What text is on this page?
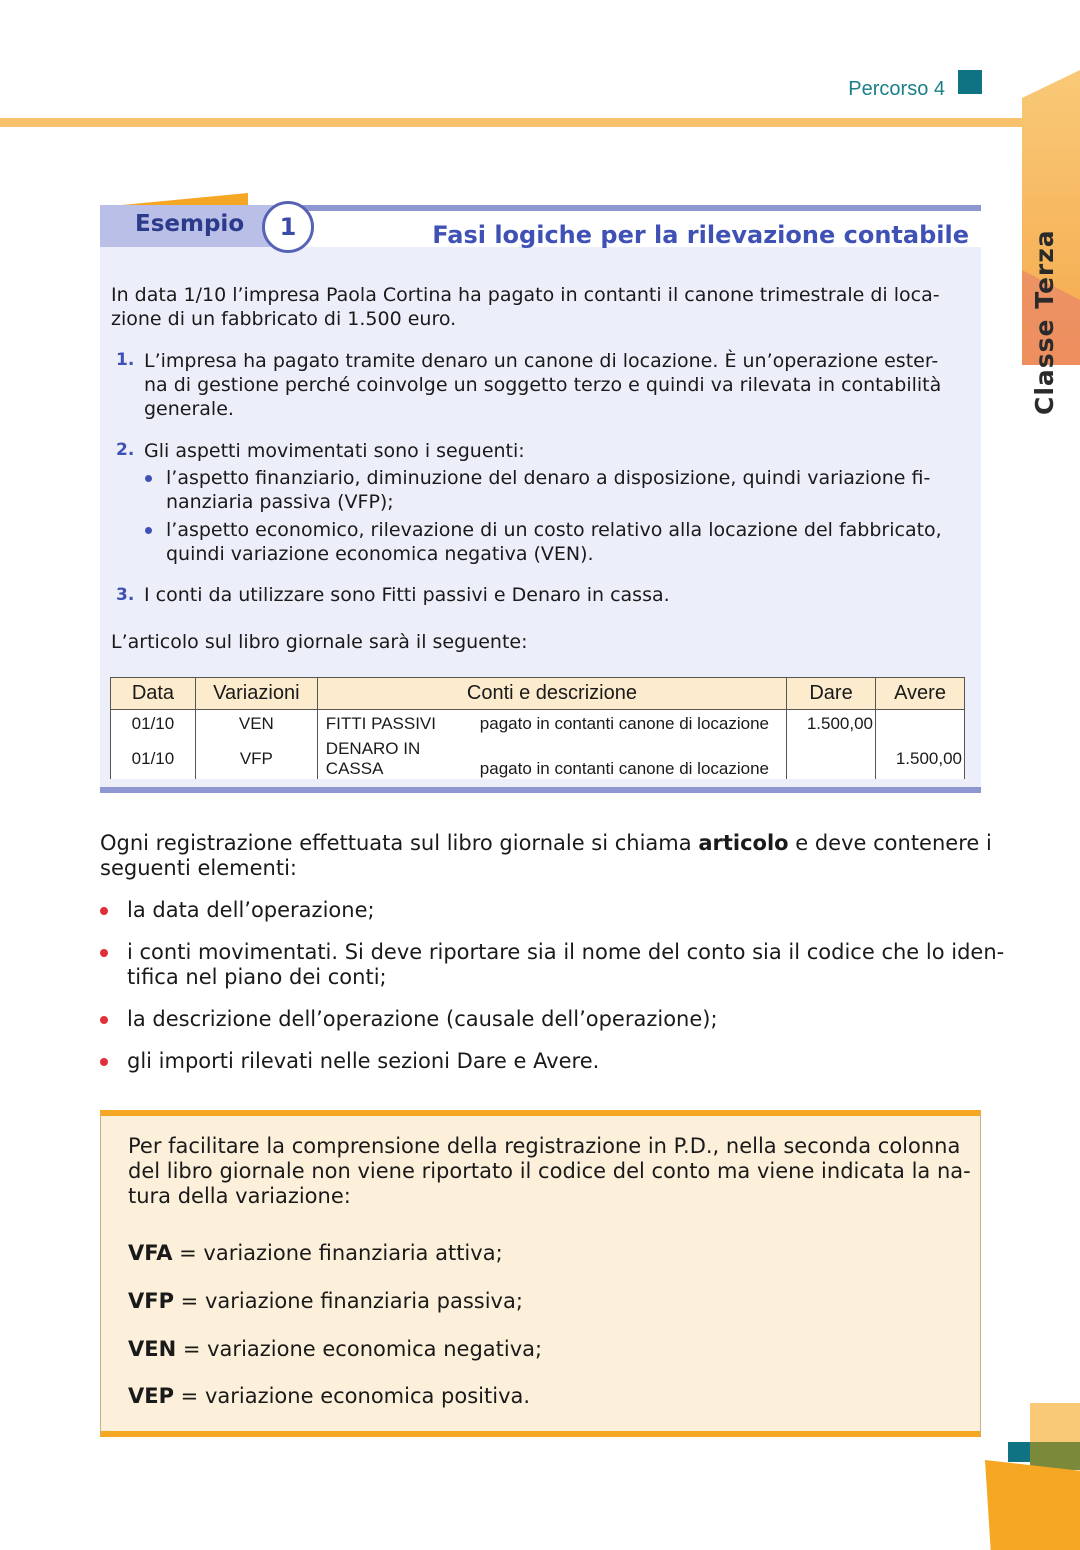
Percorso 4
Classe Terza
Esempio	1	Fasi logiche per la rilevazione contabile
In data 1/10 l’impresa Paola Cortina ha pagato in contanti il canone trimestrale di loca-
zione di un fabbricato di 1.500 euro.
1. L’impresa ha pagato tramite denaro un canone di locazione. È un’operazione ester-
na di gestione perché coinvolge un soggetto terzo e quindi va rilevata in contabilità
generale.
2. Gli aspetti movimentati sono i seguenti:
l’aspetto finanziario, diminuzione del denaro a disposizione, quindi variazione fi-
nanziaria passiva (VFP);
l’aspetto economico, rilevazione di un costo relativo alla locazione del fabbricato,
quindi variazione economica negativa (VEN).
3. I conti da utilizzare sono Fitti passivi e Denaro in cassa.
L’articolo sul libro giornale sarà il seguente:
Data	Variazioni	Conti e descrizione	Dare	Avere
01/10	VEN	FITTI PASSIVI pagato in contanti canone di locazione	1.500,00	
01/10	VFP	DENARO IN CASSA pagato in contanti canone di locazione		1.500,00
Ogni registrazione effettuata sul libro giornale si chiama articolo e deve contenere i
seguenti elementi:
la data dell’operazione;
i conti movimentati. Si deve riportare sia il nome del conto sia il codice che lo iden-
tifica nel piano dei conti;
la descrizione dell’operazione (causale dell’operazione);
gli importi rilevati nelle sezioni Dare e Avere.
Per facilitare la comprensione della registrazione in P.D., nella seconda colonna
del libro giornale non viene riportato il codice del conto ma viene indicata la na-
tura della variazione:
VFA = variazione finanziaria attiva;
VFP = variazione finanziaria passiva;
VEN = variazione economica negativa;
VEP = variazione economica positiva.
